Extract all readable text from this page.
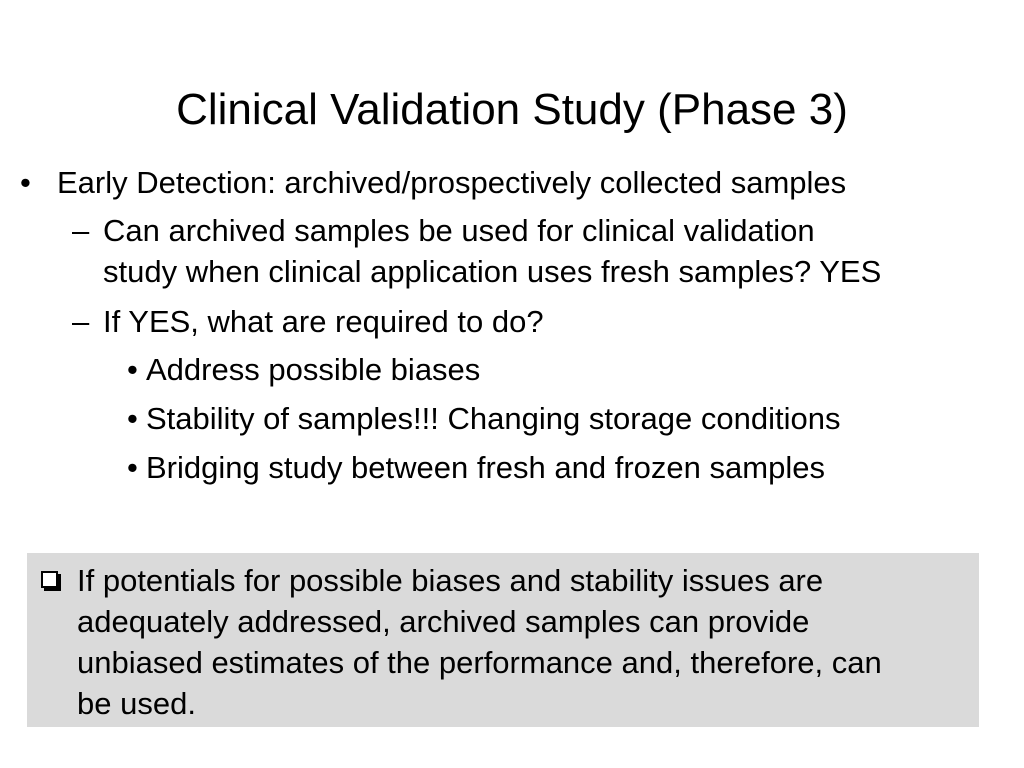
Clinical Validation Study (Phase 3)
• Early Detection: archived/prospectively collected samples
– Can archived samples be used for clinical validation
study when clinical application uses fresh samples? YES
– If YES, what are required to do?
• Address possible biases
• Stability of samples!!! Changing storage conditions
• Bridging study between fresh and frozen samples
If potentials for possible biases and stability issues are
adequately addressed, archived samples can provide
unbiased estimates of the performance and, therefore, can
be used.
